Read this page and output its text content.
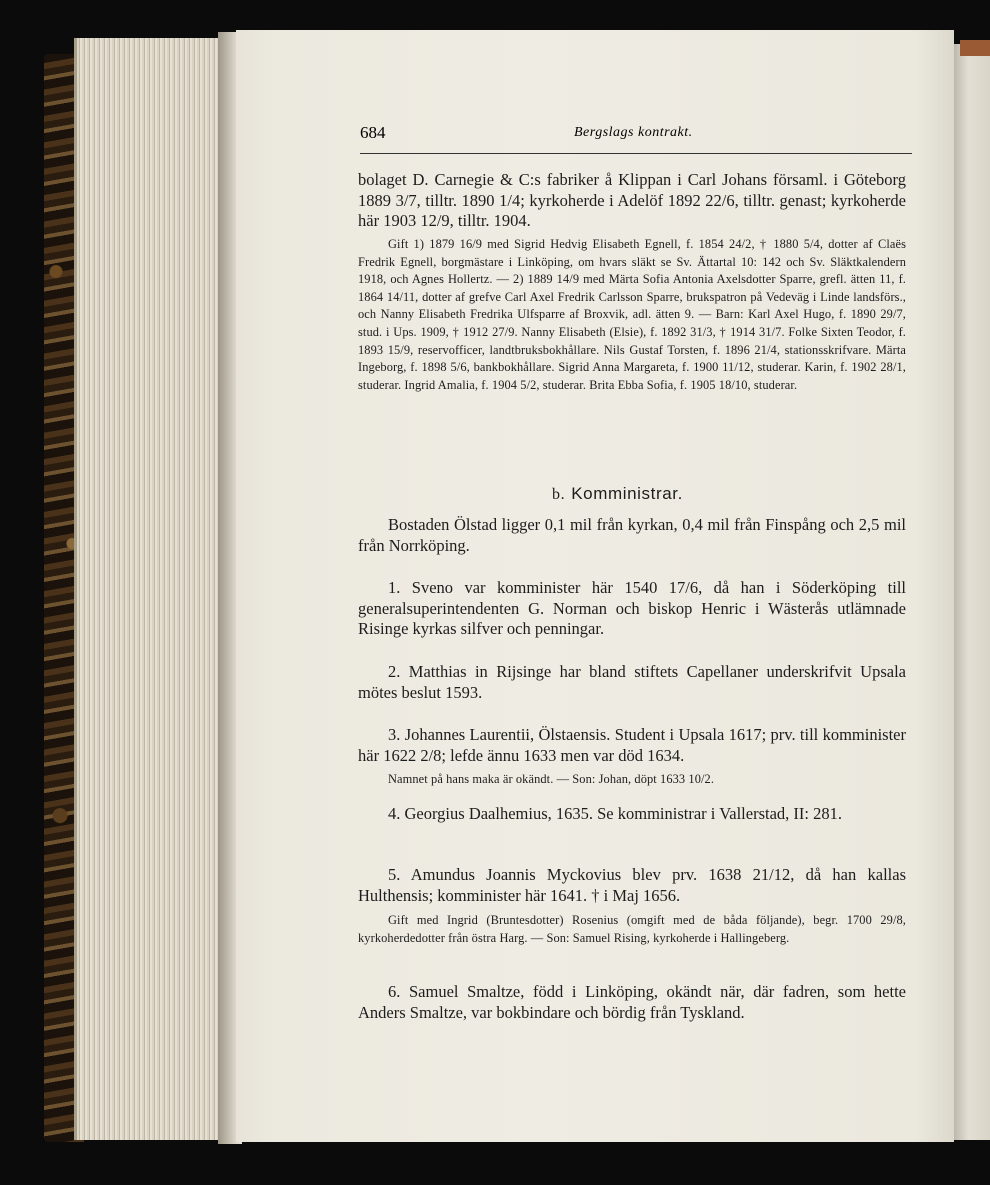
684	Bergslags kontrakt.

bolaget D. Carnegie & C:s fabriker å Klippan i Carl Johans församl. i Göteborg 1889 3/7, tilltr. 1890 1/4; kyrkoherde i Adelöf 1892 22/6, tilltr. genast; kyrkoherde här 1903 12/9, tilltr. 1904.

Gift 1) 1879 16/9 med Sigrid Hedvig Elisabeth Egnell, f. 1854 24/2, † 1880 5/4, dotter af Claës Fredrik Egnell, borgmästare i Linköping, om hvars släkt se Sv. Ättartal 10: 142 och Sv. Släktkalendern 1918, och Agnes Hollertz. — 2) 1889 14/9 med Märta Sofia Antonia Axelsdotter Sparre, grefl. ätten 11, f. 1864 14/11, dotter af grefve Carl Axel Fredrik Carlsson Sparre, brukspatron på Vedeväg i Linde landsförs., och Nanny Elisabeth Fredrika Ulfsparre af Broxvik, adl. ätten 9. — Barn: Karl Axel Hugo, f. 1890 29/7, stud. i Ups. 1909, † 1912 27/9. Nanny Elisabeth (Elsie), f. 1892 31/3, † 1914 31/7. Folke Sixten Teodor, f. 1893 15/9, reservofficer, landtbruksbokhållare. Nils Gustaf Torsten, f. 1896 21/4, stationsskrifvare. Märta Ingeborg, f. 1898 5/6, bankbokhållare. Sigrid Anna Margareta, f. 1900 11/12, studerar. Karin, f. 1902 28/1, studerar. Ingrid Amalia, f. 1904 5/2, studerar. Brita Ebba Sofia, f. 1905 18/10, studerar.

b. Komministrar.

Bostaden Ölstad ligger 0,1 mil från kyrkan, 0,4 mil från Finspång och 2,5 mil från Norrköping.

1. Sveno var komminister här 1540 17/6, då han i Söderköping till generalsuperintendenten G. Norman och biskop Henric i Wästerås utlämnade Risinge kyrkas silfver och penningar.

2. Matthias in Rijsinge har bland stiftets Capellaner underskrifvit Upsala mötes beslut 1593.

3. Johannes Laurentii, Ölstaensis. Student i Upsala 1617; prv. till komminister här 1622 2/8; lefde ännu 1633 men var död 1634.

Namnet på hans maka är okändt. — Son: Johan, döpt 1633 10/2.

4. Georgius Daalhemius, 1635. Se komministrar i Vallerstad, II: 281.

5. Amundus Joannis Myckovius blev prv. 1638 21/12, då han kallas Hulthensis; komminister här 1641. † i Maj 1656.

Gift med Ingrid (Bruntesdotter) Rosenius (omgift med de båda följande), begr. 1700 29/8, kyrkoherdedotter från östra Harg. — Son: Samuel Rising, kyrkoherde i Hallingeberg.

6. Samuel Smaltze, född i Linköping, okändt när, där fadren, som hette Anders Smaltze, var bokbindare och bördig från Tyskland.
